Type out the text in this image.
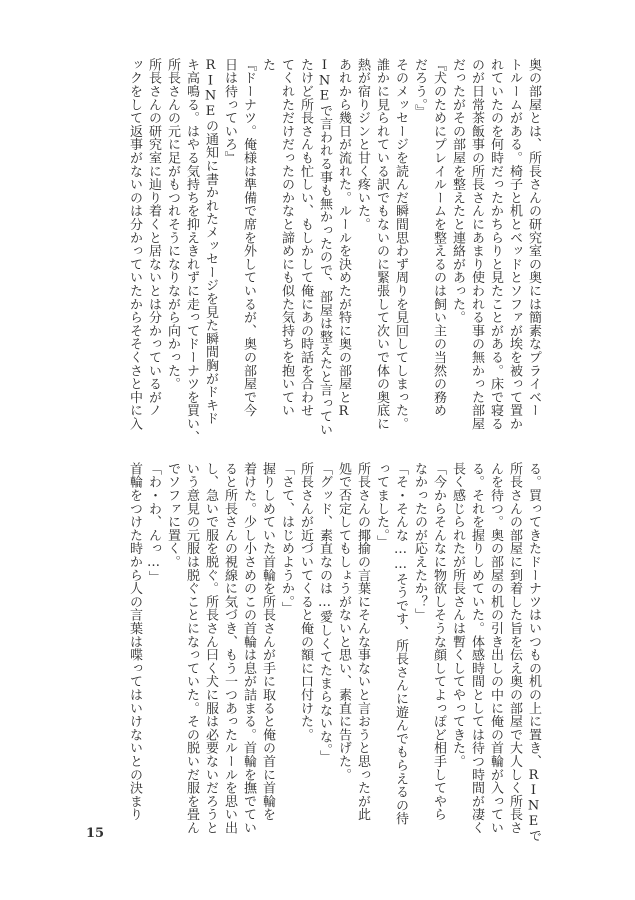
奥の部屋とは、所長さんの研究室の奥には簡素なプライベー
トルームがある。椅子と机とベッドとソファが埃を被って置か
れていたのを何時だったかちらりと見たことがある。床で寝る
のが日常茶飯事の所長さんにあまり使われる事の無かった部屋
だったがその部屋を整えたと連絡があった。
『犬のためにプレイルームを整えるのは飼い主の当然の務め
だろう。』
そのメッセージを読んだ瞬間思わず周りを見回してしまった。
誰かに見られている訳でもないのに緊張して次いで体の奥底に
熱が宿りジンと甘く疼いた。
あれから幾日が流れた。ルールを決めたが特に奥の部屋とR
INEで言われる事も無かったので、部屋は整えたと言ってい
たけど所長さんも忙しい、もしかして俺にあの時話を合わせ
てくれただけだったのかなと諦めにも似た気持ちを抱いてい
た
『ドーナツ。俺様は準備で席を外しているが、奥の部屋で今
日は待っていろ』
RINEの通知に書かれたメッセージを見た瞬間胸がドキド
キ高鳴る。はやる気持ちを抑えきれずに走ってドーナツを買い、
所長さんの元に足がもつれそうになりながら向かった。
所長さんの研究室に辿り着くと居ないとは分かっているがノ
ックをして返事がないのは分かっていたからそそくさと中に入
る。買ってきたドーナツはいつもの机の上に置き、RINEで
所長さんの部屋に到着した旨を伝え奥の部屋で大人しく所長さ
んを待つ。奥の部屋の机の引き出しの中に俺の首輪が入ってい
る。それを握りしめていた。体感時間としては待つ時間が凄く
長く感じられたが所長さんは暫くしてやってきた。
「今からそんなに物欲しそうな顔してよっぽど相手してやら
なかったのが応えたか？」
「そ・そんな……そうです、所長さんに遊んでもらえるの待
ってました。」
所長さんの揶揄の言葉にそんな事ないと言おうと思ったが此
処で否定してもしょうがないと思い、素直に告げた。
「グッド、素直なのは…愛しくてたまらないな。」
所長さんが近づいてくると俺の額に口付けた。
「さて、はじめようか。」
握りしめていた首輪を所長さんが手に取ると俺の首に首輪を
着けた。少し小さめのこの首輪は息が詰まる。首輪を撫でてい
ると所長さんの視線に気づき、もう一つあったルールを思い出
し、急いで服を脱ぐ。所長さん曰く犬に服は必要ないだろうと
いう意見の元服は脱ぐことになっていた。その脱いだ服を畳ん
でソファに置く。
「わ・わ、んっ…」
首輪をつけた時から人の言葉は喋ってはいけないとの決まり
15
